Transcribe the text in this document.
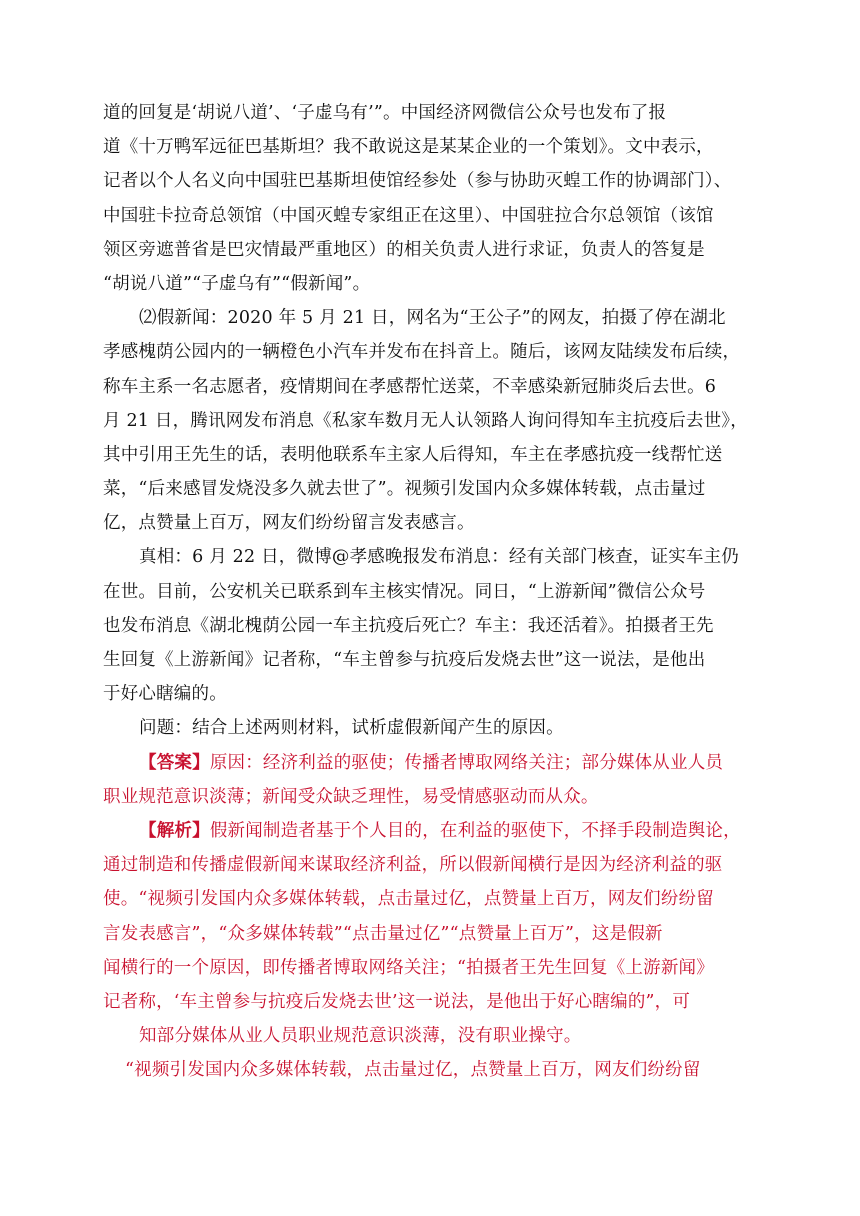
道的回复是‘胡说八道’、‘子虚乌有’”。中国经济网微信公众号也发布了报
道《十万鸭军远征巴基斯坦？我不敢说这是某某企业的一个策划》。文中表示，
记者以个人名义向中国驻巴基斯坦使馆经参处（参与协助灭蝗工作的协调部门）、
中国驻卡拉奇总领馆（中国灭蝗专家组正在这里）、中国驻拉合尔总领馆（该馆
领区旁遮普省是巴灾情最严重地区）的相关负责人进行求证，负责人的答复是
“胡说八道”“子虚乌有”“假新闻”。
⑵假新闻：2020 年 5 月 21 日，网名为“王公子”的网友，拍摄了停在湖北
孝感槐荫公园内的一辆橙色小汽车并发布在抖音上。随后，该网友陆续发布后续，
称车主系一名志愿者，疫情期间在孝感帮忙送菜，不幸感染新冠肺炎后去世。6
月 21 日，腾讯网发布消息《私家车数月无人认领路人询问得知车主抗疫后去世》，
其中引用王先生的话，表明他联系车主家人后得知，车主在孝感抗疫一线帮忙送
菜，“后来感冒发烧没多久就去世了”。视频引发国内众多媒体转载，点击量过
亿，点赞量上百万，网友们纷纷留言发表感言。
真相：6 月 22 日，微博@孝感晚报发布消息：经有关部门核查，证实车主仍
在世。目前，公安机关已联系到车主核实情况。同日，“上游新闻”微信公众号
也发布消息《湖北槐荫公园一车主抗疫后死亡？车主：我还活着》。拍摄者王先
生回复《上游新闻》记者称，“车主曾参与抗疫后发烧去世”这一说法，是他出
于好心瞎编的。
问题：结合上述两则材料，试析虚假新闻产生的原因。
【答案】原因：经济利益的驱使；传播者博取网络关注；部分媒体从业人员
职业规范意识淡薄；新闻受众缺乏理性，易受情感驱动而从众。
【解析】假新闻制造者基于个人目的，在利益的驱使下，不择手段制造舆论，
通过制造和传播虚假新闻来谋取经济利益，所以假新闻横行是因为经济利益的驱
使。“视频引发国内众多媒体转载，点击量过亿，点赞量上百万，网友们纷纷留
言发表感言”，“众多媒体转载”“点击量过亿”“点赞量上百万”，这是假新
闻横行的一个原因，即传播者博取网络关注；“拍摄者王先生回复《上游新闻》
记者称，‘车主曾参与抗疫后发烧去世’这一说法，是他出于好心瞎编的”，可
知部分媒体从业人员职业规范意识淡薄，没有职业操守。
“视频引发国内众多媒体转载，点击量过亿，点赞量上百万，网友们纷纷留
